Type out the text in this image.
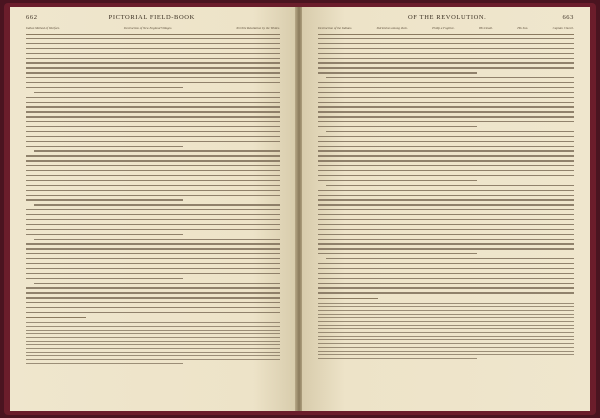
662	PICTORIAL FIELD-BOOK
Indian Method of Warfare.	Destruction of New England Villages.	Terrible Retaliation by the Whites.
OF THE REVOLUTION.	663
Destruction of the Indians.	Skirmishes among them.	Philip a Fugitive.	His Death.	His Son.	Captain Church.
